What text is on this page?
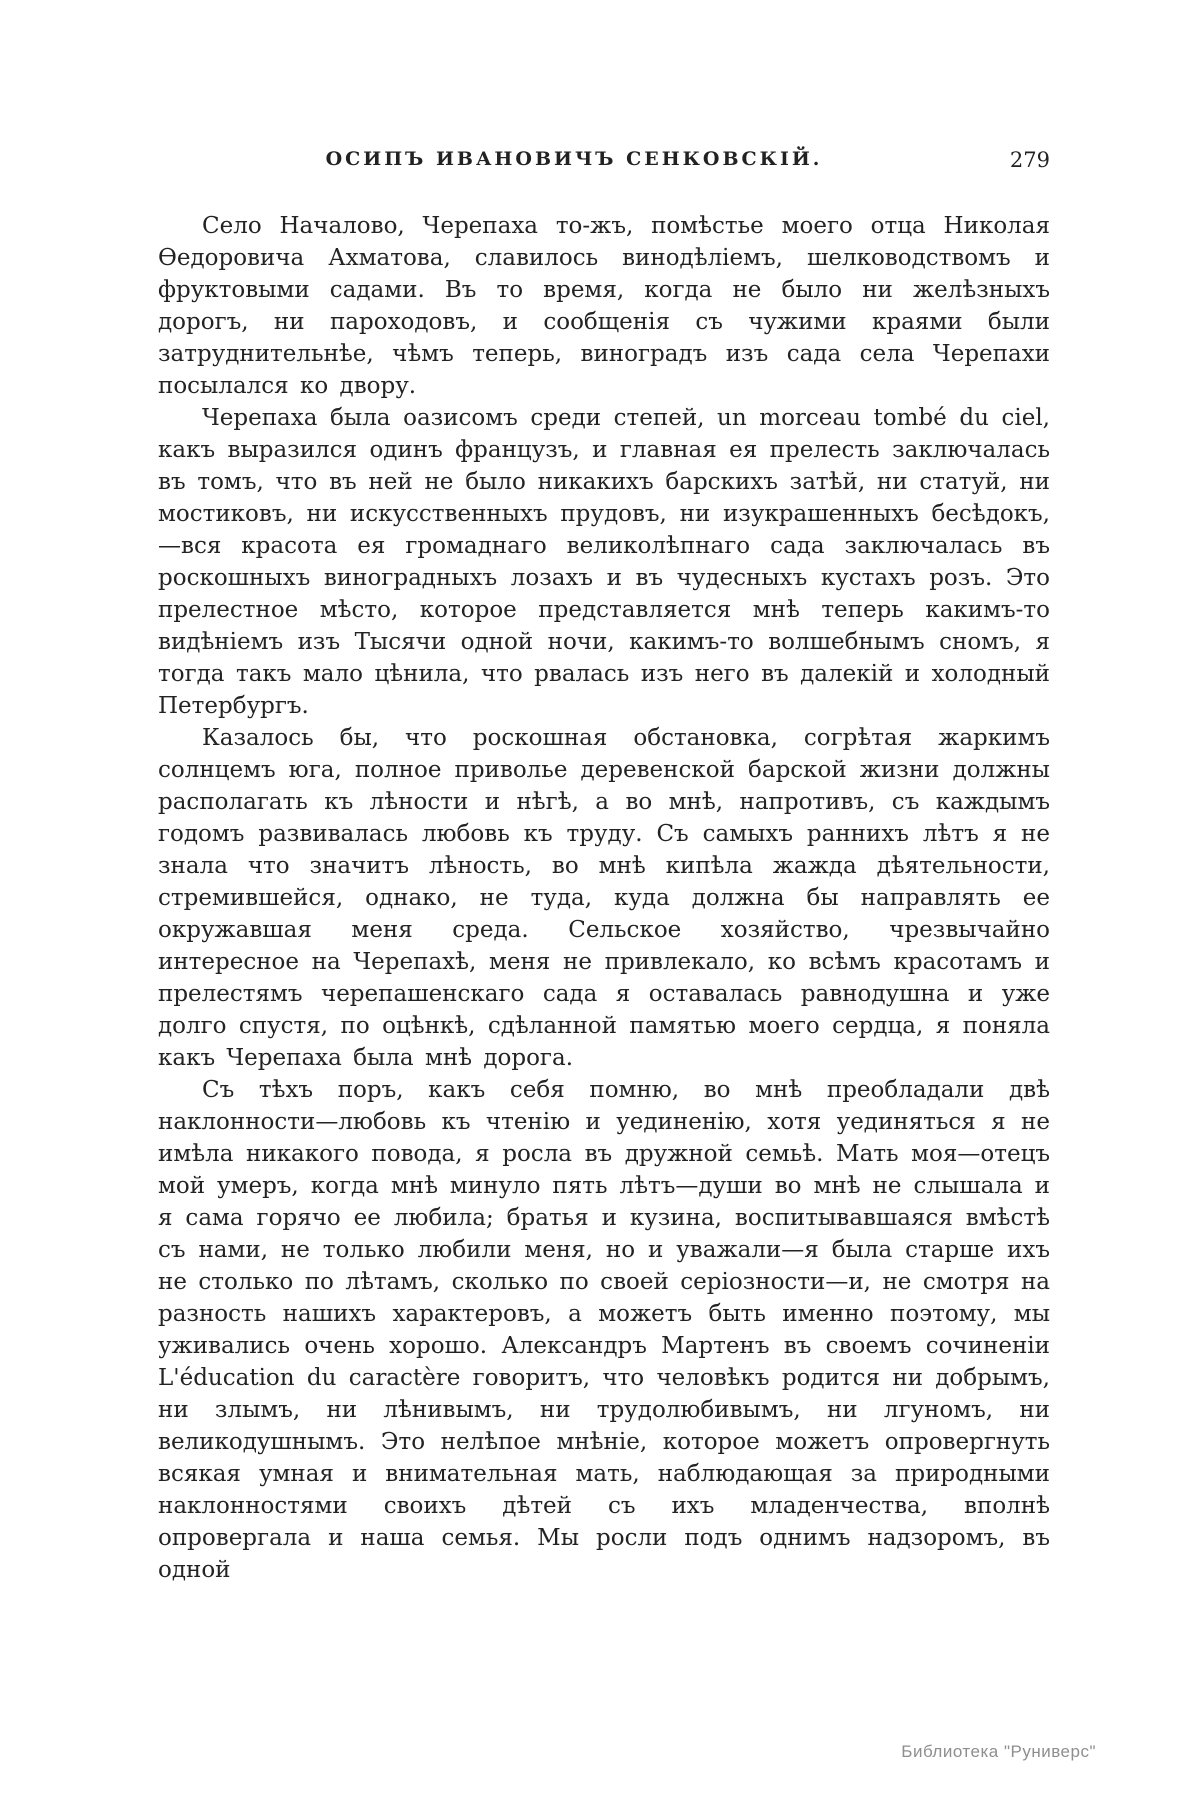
ОСИПЪ ИВАНОВИЧЪ СЕНКОВСКІЙ.	279

Село Началово, Черепаха то-жъ, помѣстье моего отца Николая Ѳедоровича Ахматова, славилось винодѣліемъ, шелководствомъ и фруктовыми садами. Въ то время, когда не было ни желѣзныхъ дорогъ, ни пароходовъ, и сообщенія съ чужими краями были затруднительнѣе, чѣмъ теперь, виноградъ изъ сада села Черепахи посылался ко двору.

Черепаха была оазисомъ среди степей, un morceau tombé du ciel, какъ выразился одинъ французъ, и главная ея прелесть заключалась въ томъ, что въ ней не было никакихъ барскихъ затѣй, ни статуй, ни мостиковъ, ни искусственныхъ прудовъ, ни изукрашенныхъ бесѣдокъ,—вся красота ея громаднаго великолѣпнаго сада заключалась въ роскошныхъ виноградныхъ лозахъ и въ чудесныхъ кустахъ розъ. Это прелестное мѣсто, которое представляется мнѣ теперь какимъ-то видѣніемъ изъ Тысячи одной ночи, какимъ-то волшебнымъ сномъ, я тогда такъ мало цѣнила, что рвалась изъ него въ далекій и холодный Петербургъ.

Казалось бы, что роскошная обстановка, согрѣтая жаркимъ солнцемъ юга, полное приволье деревенской барской жизни должны располагать къ лѣности и нѣгѣ, а во мнѣ, напротивъ, съ каждымъ годомъ развивалась любовь къ труду. Съ самыхъ раннихъ лѣтъ я не знала что значитъ лѣность, во мнѣ кипѣла жажда дѣятельности, стремившейся, однако, не туда, куда должна бы направлять ее окружавшая меня среда. Сельское хозяйство, чрезвычайно интересное на Черепахѣ, меня не привлекало, ко всѣмъ красотамъ и прелестямъ черепашенскаго сада я оставалась равнодушна и уже долго спустя, по оцѣнкѣ, сдѣланной памятью моего сердца, я поняла какъ Черепаха была мнѣ дорога.

Съ тѣхъ поръ, какъ себя помню, во мнѣ преобладали двѣ наклонности—любовь къ чтенію и уединенію, хотя уединяться я не имѣла никакого повода, я росла въ дружной семьѣ. Мать моя—отецъ мой умеръ, когда мнѣ минуло пять лѣтъ—души во мнѣ не слышала и я сама горячо ее любила; братья и кузина, воспитывавшаяся вмѣстѣ съ нами, не только любили меня, но и уважали—я была старше ихъ не столько по лѣтамъ, сколько по своей серіозности—и, не смотря на разность нашихъ характеровъ, а можетъ быть именно поэтому, мы уживались очень хорошо. Александръ Мартенъ въ своемъ сочиненіи L'éducation du caractère говоритъ, что человѣкъ родится ни добрымъ, ни злымъ, ни лѣнивымъ, ни трудолюбивымъ, ни лгуномъ, ни великодушнымъ. Это нелѣпое мнѣніе, которое можетъ опровергнуть всякая умная и внимательная мать, наблюдающая за природными наклонностями своихъ дѣтей съ ихъ младенчества, вполнѣ опровергала и наша семья. Мы росли подъ однимъ надзоромъ, въ одной

Библиотека "Руниверс"
